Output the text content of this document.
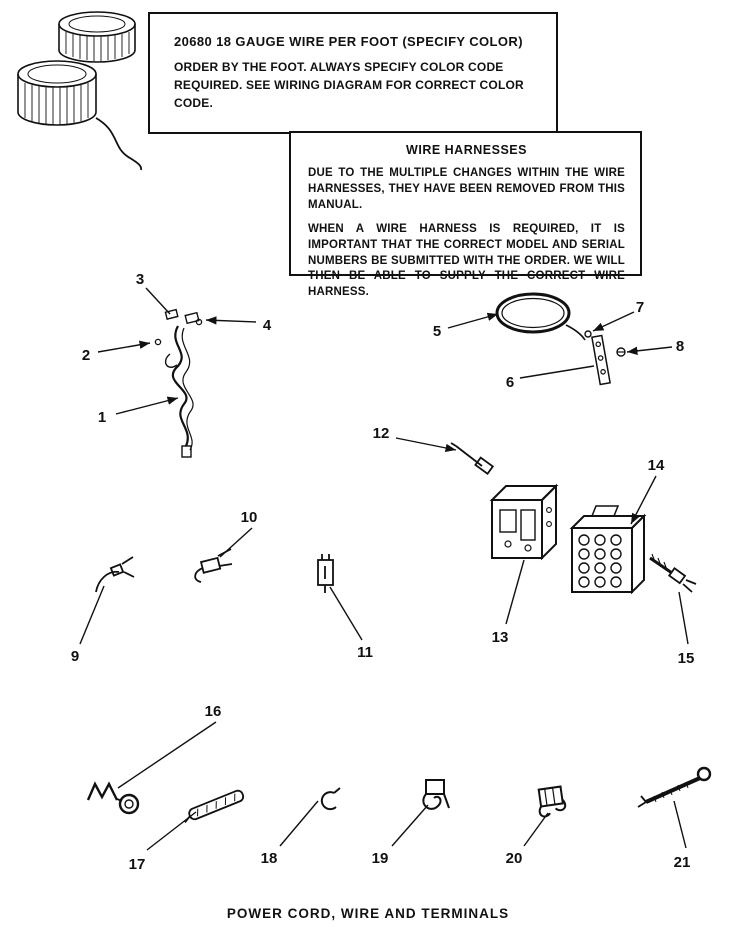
1
2
3
4	5
6
7
8
9
10
11
12
13
14
15
16
17	18	19	20	21

20680 18 GAUGE WIRE PER FOOT (SPECIFY COLOR)

ORDER BY THE FOOT. ALWAYS SPECIFY COLOR CODE REQUIRED. SEE WIRING DIAGRAM FOR CORRECT COLOR CODE.

WIRE HARNESSES

DUE TO THE MULTIPLE CHANGES WITHIN THE WIRE HARNESSES, THEY HAVE BEEN REMOVED FROM THIS MANUAL.

WHEN A WIRE HARNESS IS REQUIRED, IT IS IMPORTANT THAT THE CORRECT MODEL AND SERIAL NUMBERS BE SUBMITTED WITH THE ORDER. WE WILL THEN BE ABLE TO SUPPLY THE CORRECT WIRE HARNESS.

POWER CORD, WIRE AND TERMINALS
